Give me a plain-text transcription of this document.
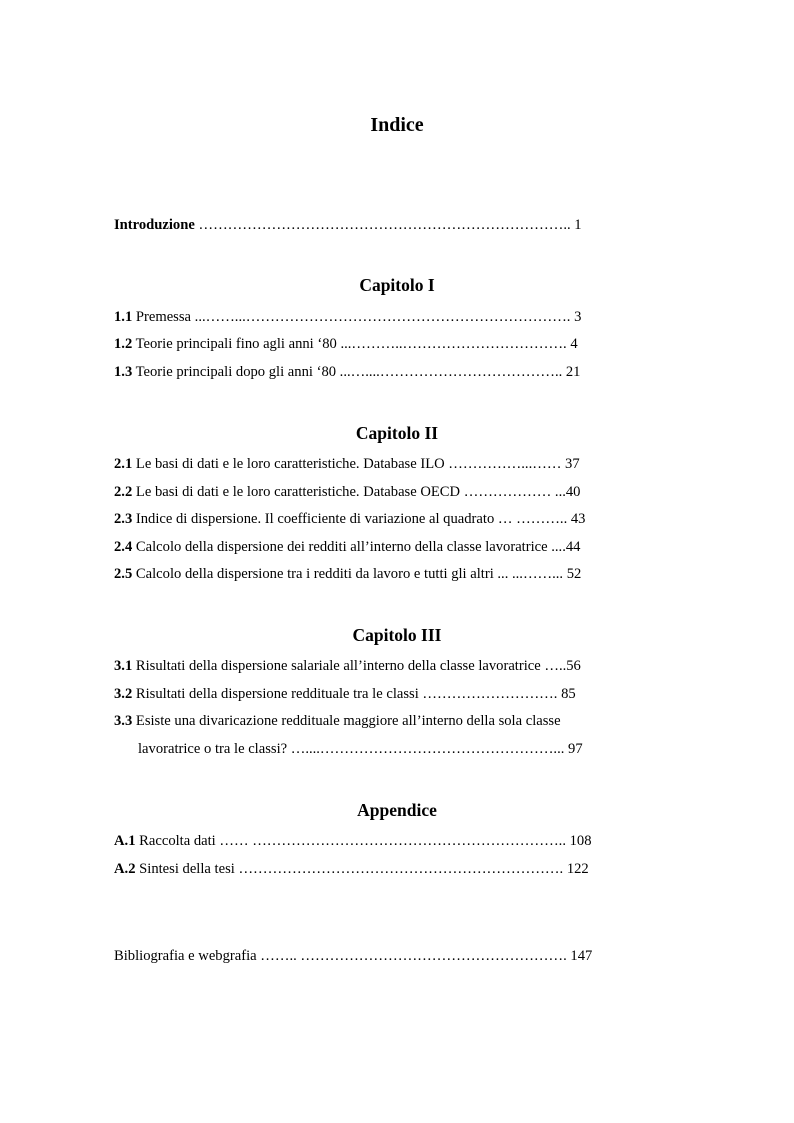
Indice
Introduzione ………………………………………………………………….. 1
Capitolo I
1.1 Premessa ...……...…………………………………………………………. 3
1.2 Teorie principali fino agli anni ‘80 ...………..……………………………. 4
1.3 Teorie principali dopo gli anni ‘80 ...…....……………………………….. 21
Capitolo II
2.1 Le basi di dati e le loro caratteristiche. Database ILO ……………...…… 37
2.2 Le basi di dati e le loro caratteristiche. Database OECD ……………… ...40
2.3 Indice di dispersione. Il coefficiente di variazione al quadrato … ……….. 43
2.4 Calcolo della dispersione dei redditi all’interno della classe lavoratrice ....44
2.5 Calcolo della dispersione tra i redditi da lavoro e tutti gli altri ... ...……... 52
Capitolo III
3.1 Risultati della dispersione salariale all’interno della classe lavoratrice …..56
3.2 Risultati della dispersione reddituale tra le classi ………………………. 85
3.3 Esiste una divaricazione reddituale maggiore all’interno della sola classe
lavoratrice o tra le classi? …....…………………………………………... 97
Appendice
A.1 Raccolta dati …… ……………………………………………………….. 108
A.2 Sintesi della tesi …………………………………………………………. 122
Bibliografia e webgrafia …….. ………………………………………………. 147
